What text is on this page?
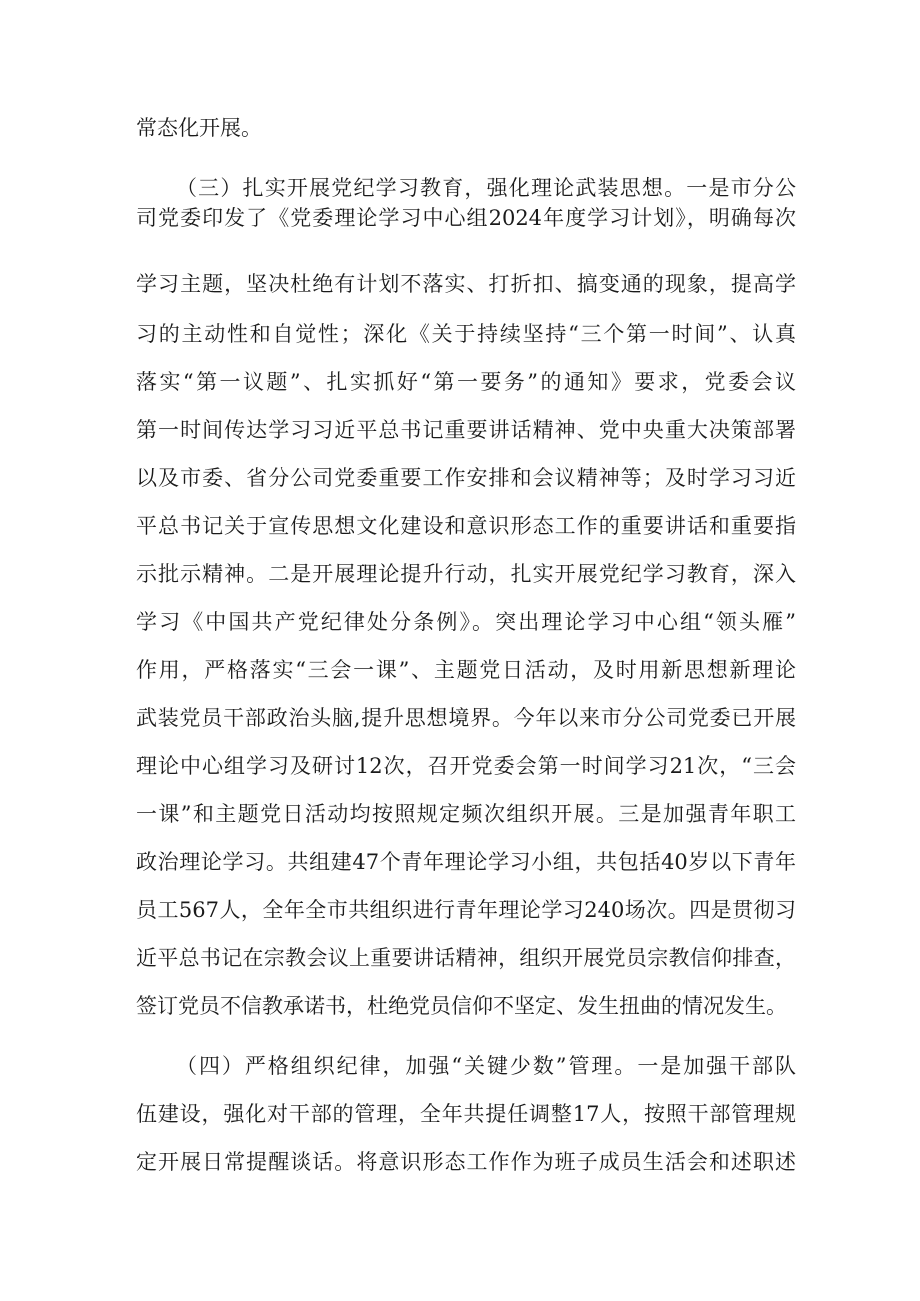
常态化开展。
（三）扎实开展党纪学习教育，强化理论武装思想。一是市分公
司党委印发了《党委理论学习中心组2024年度学习计划》，明确每次
学习主题，坚决杜绝有计划不落实、打折扣、搞变通的现象，提高学
习的主动性和自觉性；深化《关于持续坚持“三个第一时间”、认真
落实“第一议题”、扎实抓好“第一要务”的通知》要求，党委会议
第一时间传达学习习近平总书记重要讲话精神、党中央重大决策部署
以及市委、省分公司党委重要工作安排和会议精神等；及时学习习近
平总书记关于宣传思想文化建设和意识形态工作的重要讲话和重要指
示批示精神。二是开展理论提升行动，扎实开展党纪学习教育，深入
学习《中国共产党纪律处分条例》。突出理论学习中心组“领头雁”
作用，严格落实“三会一课”、主题党日活动，及时用新思想新理论
武装党员干部政治头脑,提升思想境界。今年以来市分公司党委已开展
理论中心组学习及研讨12次，召开党委会第一时间学习21次，“三会
一课”和主题党日活动均按照规定频次组织开展。三是加强青年职工
政治理论学习。共组建47个青年理论学习小组，共包括40岁以下青年
员工567人，全年全市共组织进行青年理论学习240场次。四是贯彻习
近平总书记在宗教会议上重要讲话精神，组织开展党员宗教信仰排查，
签订党员不信教承诺书，杜绝党员信仰不坚定、发生扭曲的情况发生。
（四）严格组织纪律，加强“关键少数”管理。一是加强干部队
伍建设，强化对干部的管理，全年共提任调整17人，按照干部管理规
定开展日常提醒谈话。将意识形态工作作为班子成员生活会和述职述
